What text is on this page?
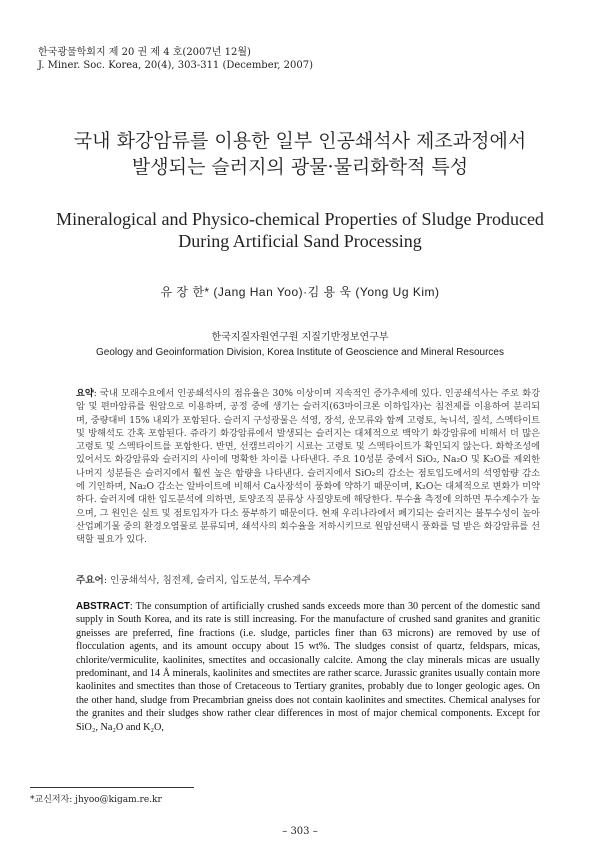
한국광물학회지 제 20 권 제 4 호(2007년 12월)
J. Miner. Soc. Korea, 20(4), 303-311 (December, 2007)
국내 화강암류를 이용한 일부 인공쇄석사 제조과정에서
발생되는 슬러지의 광물·물리화학적 특성
Mineralogical and Physico-chemical Properties of Sludge Produced
During Artificial Sand Processing
유 장 한* (Jang Han Yoo)·김 용 욱 (Yong Ug Kim)
한국지질자원연구원 지질기반정보연구부
Geology and Geoinformation Division, Korea Institute of Geoscience and Mineral Resources
요약: 국내 모래수요에서 인공쇄석사의 점유율은 30% 이상이며 지속적인 증가추세에 있다. 인공쇄석사는 주로 화강암 및 편마암류를 원암으로 이용하며, 공정 중에 생기는 슬러지(63마이크론 이하입자)는 침전제를 이용하여 분리되며, 중량대비 15% 내외가 포함된다. 슬러지 구성광물은 석영, 장석, 운모류와 함께 고령토, 녹니석, 질석, 스멕타이트 및 방해석도 간혹 포함된다. 쥬라기 화강암류에서 발생되는 슬러지는 대체적으로 백악기 화강암류에 비해서 더 많은 고령토 및 스멕타이트를 포함한다. 반면, 선캠브리아기 시료는 고령토 및 스멕타이트가 확인되지 않는다. 화학조성에 있어서도 화강암류와 슬러지의 사이에 명확한 차이를 나타낸다. 주요 10성분 중에서 SiO₂, Na₂O 및 K₂O를 제외한 나머지 성분들은 슬러지에서 훨씬 높은 함량을 나타낸다. 슬러지에서 SiO₂의 감소는 점토입도에서의 석영함량 감소에 기인하며, Na₂O 감소는 알바이트에 비해서 Ca사장석이 풍화에 약하기 때문이며, K₂O는 대체적으로 변화가 미약하다. 슬러지에 대한 입도분석에 의하면, 토양조직 분류상 사질양토에 해당한다. 투수율 측정에 의하면 투수계수가 높으며, 그 원인은 실트 및 점토입자가 다소 풍부하기 때문이다. 현재 우리나라에서 폐기되는 슬러지는 불투수성이 높아 산업폐기물 중의 환경오염물로 분류되며, 쇄석사의 회수율을 저하시키므로 원암선택시 풍화를 덜 받은 화강암류를 선택할 필요가 있다.
주요어: 인공쇄석사, 침전제, 슬러지, 입도분석, 투수계수
ABSTRACT: The consumption of artificially crushed sands exceeds more than 30 percent of the domestic sand supply in South Korea, and its rate is still increasing. For the manufacture of crushed sand granites and granitic gneisses are preferred, fine fractions (i.e. sludge, particles finer than 63 microns) are removed by use of flocculation agents, and its amount occupy about 15 wt%. The sludges consist of quartz, feldspars, micas, chlorite/vermiculite, kaolinites, smectites and occasionally calcite. Among the clay minerals micas are usually predominant, and 14 Å minerals, kaolinites and smectites are rather scarce. Jurassic granites usually contain more kaolinites and smectites than those of Cretaceous to Tertiary granites, probably due to longer geologic ages. On the other hand, sludge from Precambrian gneiss does not contain kaolinites and smectites. Chemical analyses for the granites and their sludges show rather clear differences in most of major chemical components. Except for SiO₂, Na₂O and K₂O,
*교신저자: jhyoo@kigam.re.kr
– 303 –
